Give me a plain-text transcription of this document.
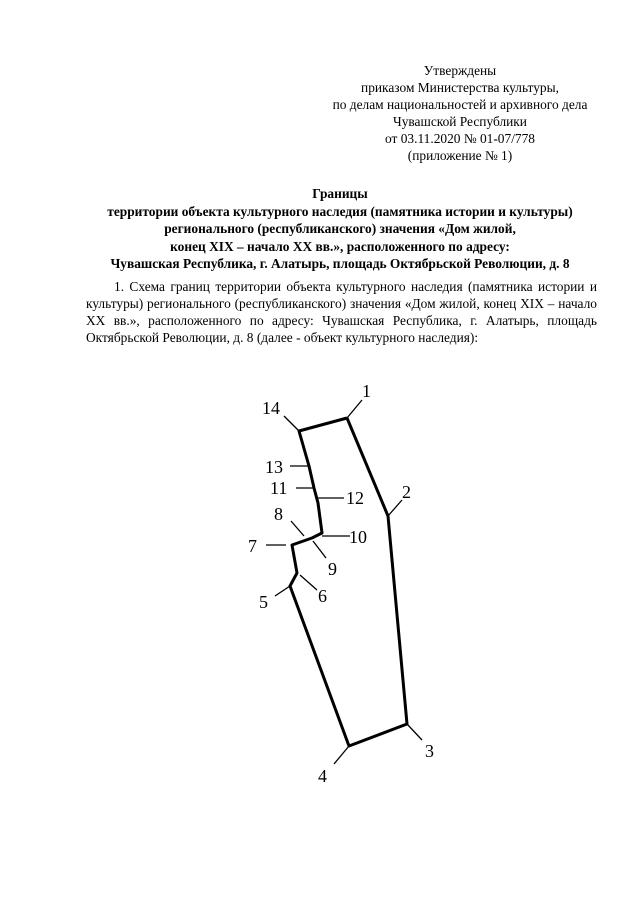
Утверждены
приказом Министерства культуры,
по делам национальностей и архивного дела
Чувашской Республики
от 03.11.2020 № 01-07/778
(приложение № 1)
Границы
территории объекта культурного наследия (памятника истории и культуры)
регионального (республиканского) значения «Дом жилой,
конец XIX – начало XX вв.», расположенного по адресу:
Чувашская Республика, г. Алатырь, площадь Октябрьской Революции, д. 8

1. Схема границ территории объекта культурного наследия (памятника истории и культуры) регионального (республиканского) значения «Дом жилой, конец XIX – начало XX вв.», расположенного по адресу: Чувашская Республика, г. Алатырь, площадь Октябрьской Революции, д. 8 (далее - объект культурного наследия):

1
2
3
4
5	6
7
8
9
10
11	12
13
14
